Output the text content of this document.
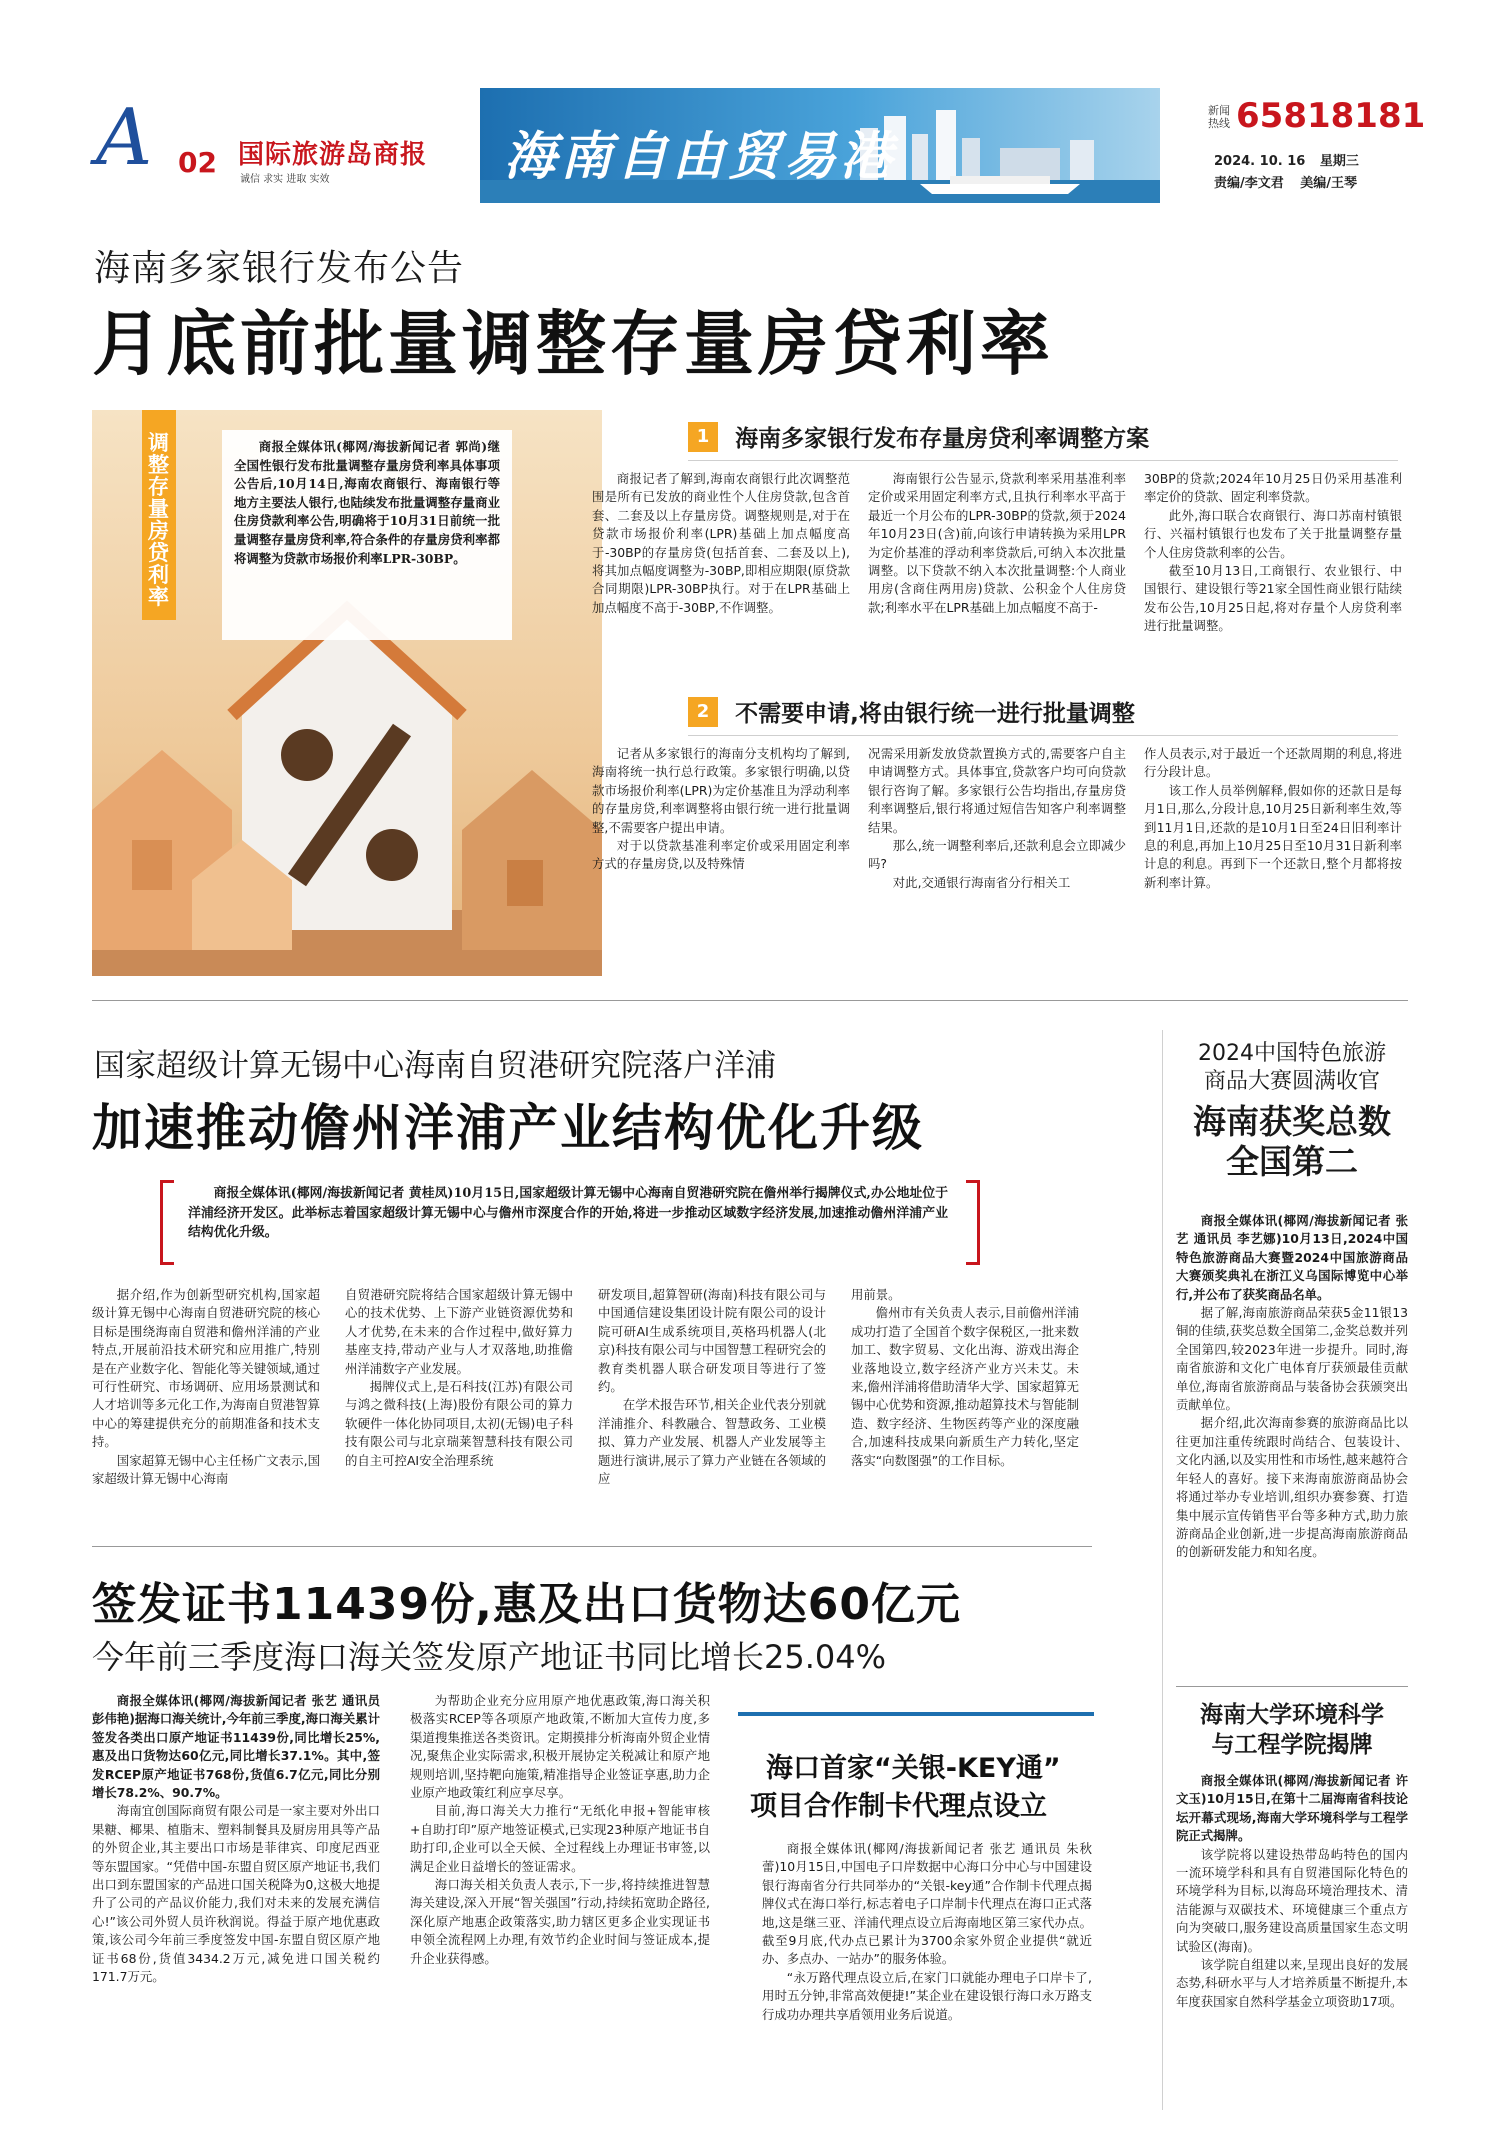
A 02 国际旅游岛商报
诚信 求实 进取 实效	海南自由贸易港
新闻
热线 65818181
2024. 10. 16 星期三
责编/李文君 美编/王琴
海南多家银行发布公告
月底前批量调整存量房贷利率
调整存量房贷利率

商报全媒体讯(椰网/海拔新闻记者 郭尚)继全国性银行发布批量调整存量房贷利率具体事项公告后,10月14日,海南农商银行、海南银行等地方主要法人银行,也陆续发布批量调整存量商业住房贷款利率公告,明确将于10月31日前统一批量调整存量房贷利率,符合条件的存量房贷利率都将调整为贷款市场报价利率LPR-30BP。

1 海南多家银行发布存量房贷利率调整方案

商报记者了解到,海南农商银行此次调整范围是所有已发放的商业性个人住房贷款,包含首套、二套及以上存量房贷。调整规则是,对于在贷款市场报价利率(LPR)基础上加点幅度高于-30BP的存量房贷(包括首套、二套及以上),将其加点幅度调整为-30BP,即相应期限(原贷款合同期限)LPR-30BP执行。对于在LPR基础上加点幅度不高于-30BP,不作调整。

海南银行公告显示,贷款利率采用基准利率定价或采用固定利率方式,且执行利率水平高于最近一个月公布的LPR-30BP的贷款,须于2024年10月23日(含)前,向该行申请转换为采用LPR为定价基准的浮动利率贷款后,可纳入本次批量调整。以下贷款不纳入本次批量调整:个人商业用房(含商住两用房)贷款、公积金个人住房贷款;利率水平在LPR基础上加点幅度不高于-

30BP的贷款;2024年10月25日仍采用基准利率定价的贷款、固定利率贷款。

此外,海口联合农商银行、海口苏南村镇银行、兴福村镇银行也发布了关于批量调整存量个人住房贷款利率的公告。

截至10月13日,工商银行、农业银行、中国银行、建设银行等21家全国性商业银行陆续发布公告,10月25日起,将对存量个人房贷利率进行批量调整。

2 不需要申请,将由银行统一进行批量调整

记者从多家银行的海南分支机构均了解到,海南将统一执行总行政策。多家银行明确,以贷款市场报价利率(LPR)为定价基准且为浮动利率的存量房贷,利率调整将由银行统一进行批量调整,不需要客户提出申请。

对于以贷款基准利率定价或采用固定利率方式的存量房贷,以及特殊情

况需采用新发放贷款置换方式的,需要客户自主申请调整方式。具体事宜,贷款客户均可向贷款银行咨询了解。多家银行公告均指出,存量房贷利率调整后,银行将通过短信告知客户利率调整结果。

那么,统一调整利率后,还款利息会立即减少吗?

对此,交通银行海南省分行相关工

作人员表示,对于最近一个还款周期的利息,将进行分段计息。

该工作人员举例解释,假如你的还款日是每月1日,那么,分段计息,10月25日新利率生效,等到11月1日,还款的是10月1日至24日旧利率计息的利息,再加上10月25日至10月31日新利率计息的利息。再到下一个还款日,整个月都将按新利率计算。

国家超级计算无锡中心海南自贸港研究院落户洋浦
加速推动儋州洋浦产业结构优化升级

商报全媒体讯(椰网/海拔新闻记者 黄桂凤)10月15日,国家超级计算无锡中心海南自贸港研究院在儋州举行揭牌仪式,办公地址位于洋浦经济开发区。此举标志着国家超级计算无锡中心与儋州市深度合作的开始,将进一步推动区域数字经济发展,加速推动儋州洋浦产业结构优化升级。

据介绍,作为创新型研究机构,国家超级计算无锡中心海南自贸港研究院的核心目标是围绕海南自贸港和儋州洋浦的产业特点,开展前沿技术研究和应用推广,特别是在产业数字化、智能化等关键领域,通过可行性研究、市场调研、应用场景测试和人才培训等多元化工作,为海南自贸港智算中心的筹建提供充分的前期准备和技术支持。

国家超算无锡中心主任杨广文表示,国家超级计算无锡中心海南

自贸港研究院将结合国家超级计算无锡中心的技术优势、上下游产业链资源优势和人才优势,在未来的合作过程中,做好算力基座支持,带动产业与人才双落地,助推儋州洋浦数字产业发展。

揭牌仪式上,是石科技(江苏)有限公司与鸿之微科技(上海)股份有限公司的算力软硬件一体化协同项目,太初(无锡)电子科技有限公司与北京瑞莱智慧科技有限公司的自主可控AI安全治理系统

研发项目,超算智研(海南)科技有限公司与中国通信建设集团设计院有限公司的设计院可研AI生成系统项目,英格玛机器人(北京)科技有限公司与中国智慧工程研究会的教育类机器人联合研发项目等进行了签约。

在学术报告环节,相关企业代表分别就洋浦推介、科教融合、智慧政务、工业模拟、算力产业发展、机器人产业发展等主题进行演讲,展示了算力产业链在各领域的应

用前景。

儋州市有关负责人表示,目前儋州洋浦成功打造了全国首个数字保税区,一批来数加工、数字贸易、文化出海、游戏出海企业落地设立,数字经济产业方兴未艾。未来,儋州洋浦将借助清华大学、国家超算无锡中心优势和资源,推动超算技术与智能制造、数字经济、生物医药等产业的深度融合,加速科技成果向新质生产力转化,坚定落实“向数图强”的工作目标。

签发证书11439份,惠及出口货物达60亿元
今年前三季度海口海关签发原产地证书同比增长25.04%

商报全媒体讯(椰网/海拔新闻记者 张艺 通讯员 彭伟艳)据海口海关统计,今年前三季度,海口海关累计签发各类出口原产地证书11439份,同比增长25%,惠及出口货物达60亿元,同比增长37.1%。其中,签发RCEP原产地证书768份,货值6.7亿元,同比分别增长78.2%、90.7%。

海南宜创国际商贸有限公司是一家主要对外出口果糖、椰果、植脂末、塑料制餐具及厨房用具等产品的外贸企业,其主要出口市场是菲律宾、印度尼西亚等东盟国家。“凭借中国-东盟自贸区原产地证书,我们出口到东盟国家的产品进口国关税降为0,这极大地提升了公司的产品议价能力,我们对未来的发展充满信心!”该公司外贸人员许秋润说。得益于原产地优惠政策,该公司今年前三季度签发中国-东盟自贸区原产地证书68份,货值3434.2万元,减免进口国关税约171.7万元。

为帮助企业充分应用原产地优惠政策,海口海关积极落实RCEP等各项原产地政策,不断加大宣传力度,多渠道搜集推送各类资讯。定期摸排分析海南外贸企业情况,聚焦企业实际需求,积极开展协定关税减让和原产地规则培训,坚持靶向施策,精准指导企业签证享惠,助力企业原产地政策红利应享尽享。

目前,海口海关大力推行“无纸化申报+智能审核+自助打印”原产地签证模式,已实现23种原产地证书自助打印,企业可以全天候、全过程线上办理证书审签,以满足企业日益增长的签证需求。

海口海关相关负责人表示,下一步,将持续推进智慧海关建设,深入开展“智关强国”行动,持续拓宽助企路径,深化原产地惠企政策落实,助力辖区更多企业实现证书申领全流程网上办理,有效节约企业时间与签证成本,提升企业获得感。

海口首家“关银-KEY通”
项目合作制卡代理点设立

商报全媒体讯(椰网/海拔新闻记者 张艺 通讯员 朱秋蕾)10月15日,中国电子口岸数据中心海口分中心与中国建设银行海南省分行共同举办的“关银-key通”合作制卡代理点揭牌仪式在海口举行,标志着电子口岸制卡代理点在海口正式落地,这是继三亚、洋浦代理点设立后海南地区第三家代办点。截至9月底,代办点已累计为3700余家外贸企业提供“就近办、多点办、一站办”的服务体验。

“永万路代理点设立后,在家门口就能办理电子口岸卡了,用时五分钟,非常高效便捷!”某企业在建设银行海口永万路支行成功办理共享盾领用业务后说道。

2024中国特色旅游
商品大赛圆满收官
海南获奖总数
全国第二

商报全媒体讯(椰网/海拔新闻记者 张艺 通讯员 李艺娜)10月13日,2024中国特色旅游商品大赛暨2024中国旅游商品大赛颁奖典礼在浙江义乌国际博览中心举行,并公布了获奖商品名单。

据了解,海南旅游商品荣获5金11银13铜的佳绩,获奖总数全国第二,金奖总数并列全国第四,较2023年进一步提升。同时,海南省旅游和文化广电体育厅获颁最佳贡献单位,海南省旅游商品与装备协会获颁突出贡献单位。

据介绍,此次海南参赛的旅游商品比以往更加注重传统跟时尚结合、包装设计、文化内涵,以及实用性和市场性,越来越符合年轻人的喜好。接下来海南旅游商品协会将通过举办专业培训,组织办赛参赛、打造集中展示宣传销售平台等多种方式,助力旅游商品企业创新,进一步提高海南旅游商品的创新研发能力和知名度。

海南大学环境科学
与工程学院揭牌

商报全媒体讯(椰网/海拔新闻记者 许文玉)10月15日,在第十二届海南省科技论坛开幕式现场,海南大学环境科学与工程学院正式揭牌。

该学院将以建设热带岛屿特色的国内一流环境学科和具有自贸港国际化特色的环境学科为目标,以海岛环境治理技术、清洁能源与双碳技术、环境健康三个重点方向为突破口,服务建设高质量国家生态文明试验区(海南)。

该学院自组建以来,呈现出良好的发展态势,科研水平与人才培养质量不断提升,本年度获国家自然科学基金立项资助17项。
